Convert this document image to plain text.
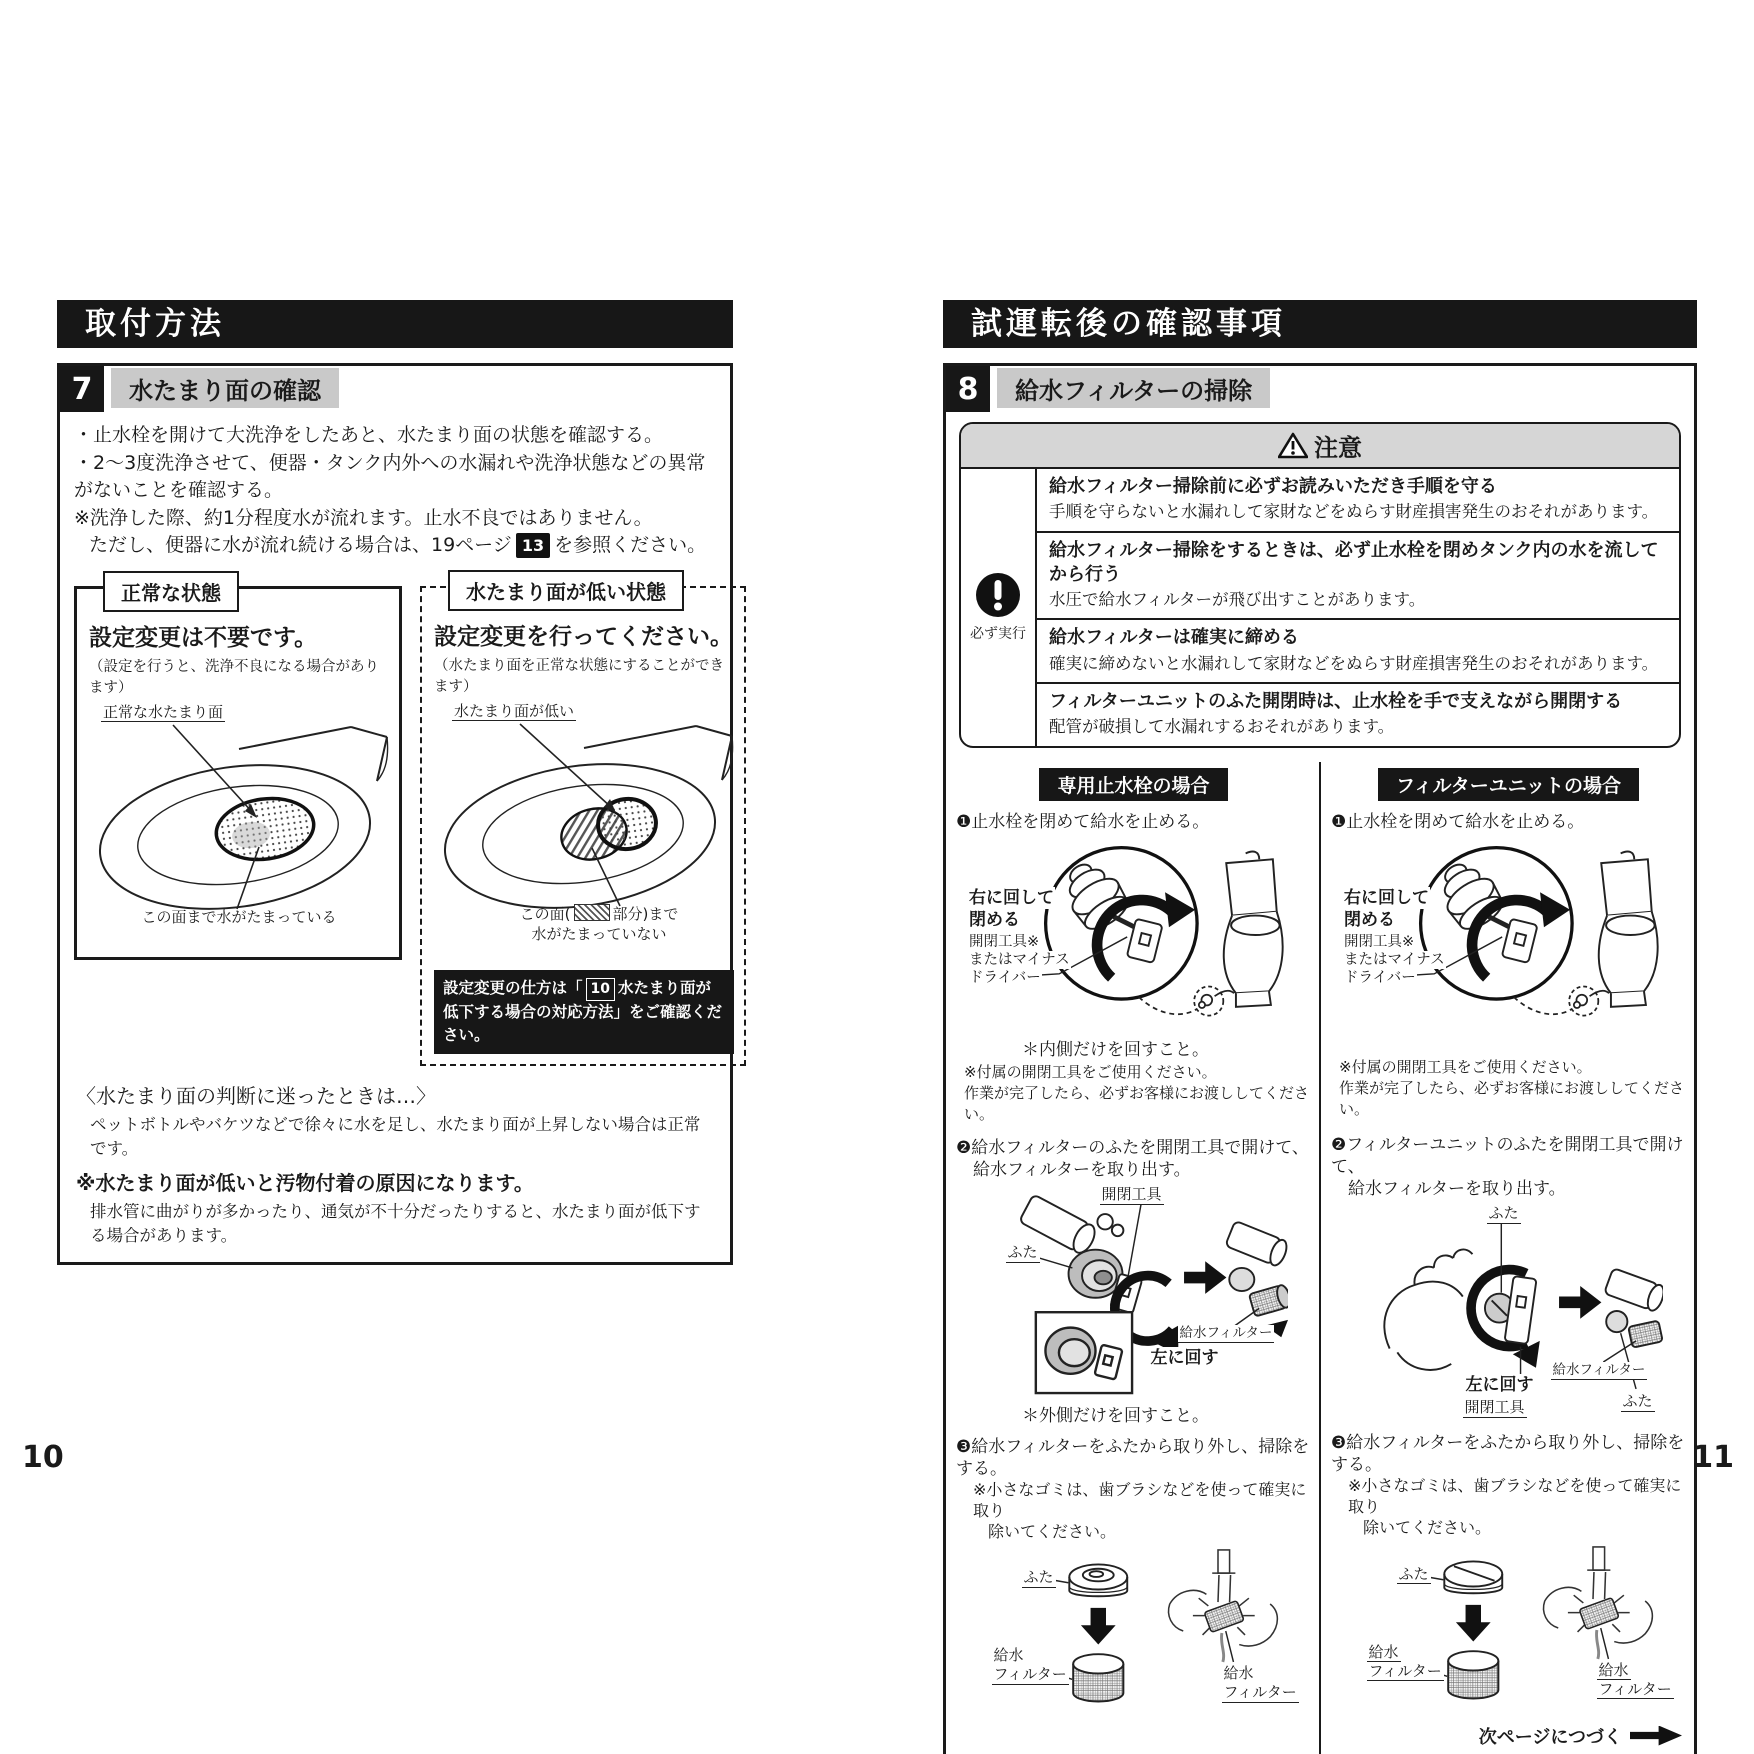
取付方法
7	水たまり面の確認
・止水栓を開けて大洗浄をしたあと、水たまり面の状態を確認する。
・2〜3度洗浄させて、便器・タンク内外への水漏れや洗浄状態などの異常がないことを確認する。
※洗浄した際、約1分程度水が流れます。止水不良ではありません。
ただし、便器に水が流れ続ける場合は、19ページ 13 を参照ください。
正常な状態
設定変更は不要です。
（設定を行うと、洗浄不良になる場合があります）
正常な水たまり面
この面まで水がたまっている
水たまり面が低い状態
設定変更を行ってください。
（水たまり面を正常な状態にすることができます）
水たまり面が低い
この面(	部分)まで
水がたまっていない
設定変更の仕方は「 10 水たまり面が低下する場合の対応方法」をご確認ください。
〈水たまり面の判断に迷ったときは…〉
ペットボトルやバケツなどで徐々に水を足し、水たまり面が上昇しない場合は正常です。
※水たまり面が低いと汚物付着の原因になります。
排水管に曲がりが多かったり、通気が不十分だったりすると、水たまり面が低下する場合があります。
試運転後の確認事項
8	給水フィルターの掃除
注意
必ず実行
給水フィルター掃除前に必ずお読みいただき手順を守る
手順を守らないと水漏れして家財などをぬらす財産損害発生のおそれがあります。
給水フィルター掃除をするときは、必ず止水栓を閉めタンク内の水を流してから行う
水圧で給水フィルターが飛び出すことがあります。
給水フィルターは確実に締める
確実に締めないと水漏れして家財などをぬらす財産損害発生のおそれがあります。
フィルターユニットのふた開閉時は、止水栓を手で支えながら開閉する
配管が破損して水漏れするおそれがあります。
専用止水栓の場合
❶止水栓を閉めて給水を止める。
右に回して
閉める
開閉工具※
またはマイナス
ドライバー
＊内側だけを回すこと。
※付属の開閉工具をご使用ください。
作業が完了したら、必ずお客様にお渡ししてください。
❷給水フィルターのふたを開閉工具で開けて、
給水フィルターを取り出す。
開閉工具
ふた
左に回す
給水フィルター
＊外側だけを回すこと。
❸給水フィルターをふたから取り外し、掃除をする。
※小さなゴミは、歯ブラシなどを使って確実に取り
除いてください。
ふた
給水
フィルター	給水
フィルター
フィルターユニットの場合
❶止水栓を閉めて給水を止める。
右に回して
閉める
開閉工具※
またはマイナス
ドライバー
※付属の開閉工具をご使用ください。
作業が完了したら、必ずお客様にお渡ししてください。
❷フィルターユニットのふたを開閉工具で開けて、
給水フィルターを取り出す。
ふた
左に回す
開閉工具
給水フィルター
ふた
❸給水フィルターをふたから取り外し、掃除をする。
※小さなゴミは、歯ブラシなどを使って確実に取り
除いてください。
ふた
給水
フィルター	給水
フィルター
次ページにつづく
10	11
